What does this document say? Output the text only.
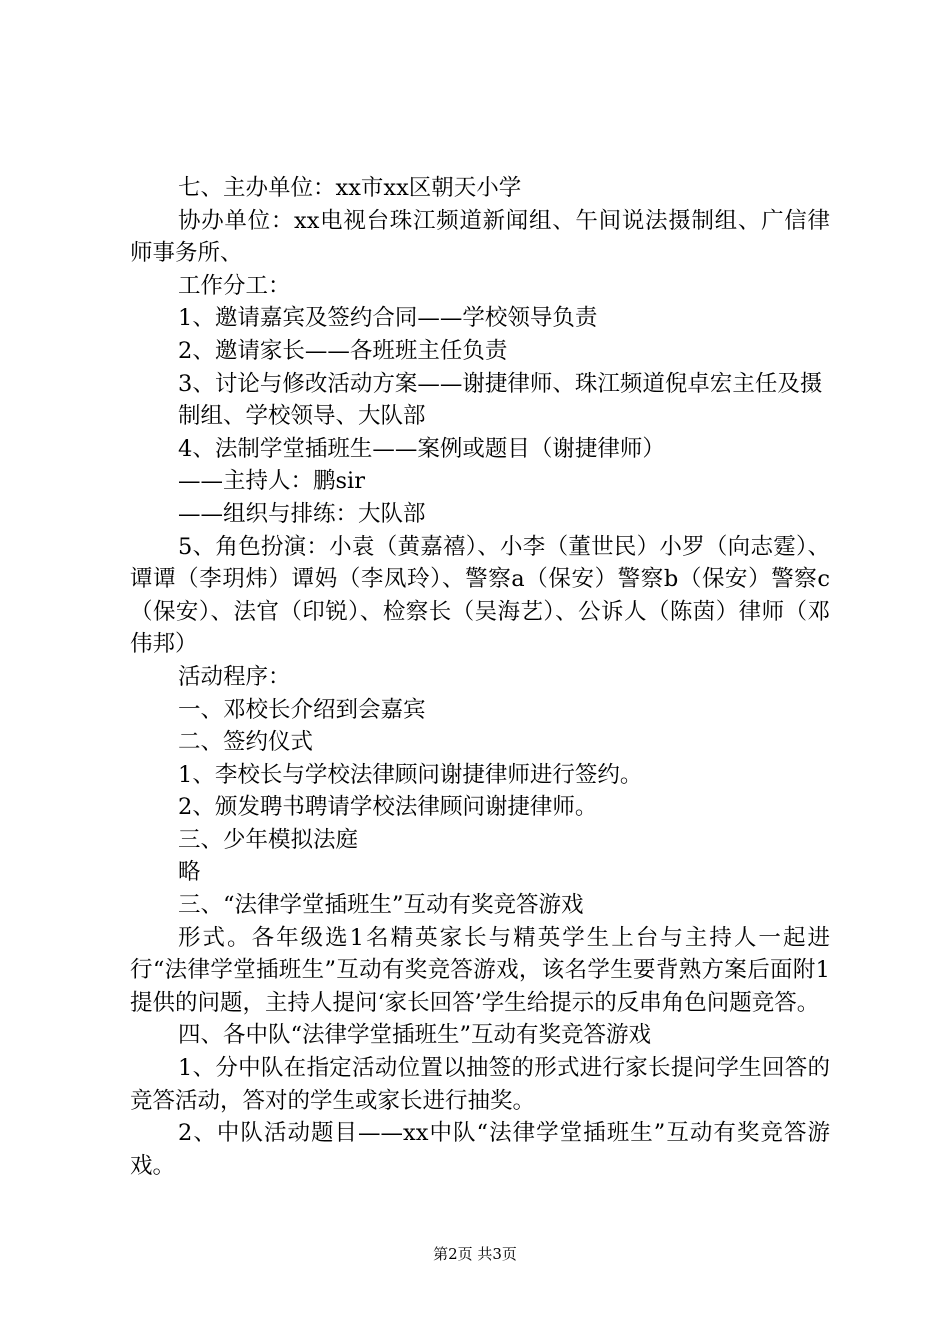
七、主办单位：xx市xx区朝天小学

协办单位：xx电视台珠江频道新闻组、午间说法摄制组、广信律师事务所、

工作分工：

1、邀请嘉宾及签约合同——学校领导负责

2、邀请家长——各班班主任负责

3、讨论与修改活动方案——谢捷律师、珠江频道倪卓宏主任及摄

制组、学校领导、大队部

4、法制学堂插班生——案例或题目（谢捷律师）

——主持人：鹏sir

——组织与排练：大队部

5、角色扮演：小袁（黄嘉禧）、小李（董世民）小罗（向志霆）、谭谭（李玥炜）谭妈（李凤玲）、警察a（保安）警察b（保安）警察c（保安）、法官（印锐）、检察长（吴海艺）、公诉人（陈茵）律师（邓伟邦）

活动程序：

一、邓校长介绍到会嘉宾

二、签约仪式

1、李校长与学校法律顾问谢捷律师进行签约。

2、颁发聘书聘请学校法律顾问谢捷律师。

三、少年模拟法庭

略

三、“法律学堂插班生”互动有奖竞答游戏

形式。各年级选1名精英家长与精英学生上台与主持人一起进行“法律学堂插班生”互动有奖竞答游戏，该名学生要背熟方案后面附1提供的问题，主持人提问‘家长回答’学生给提示的反串角色问题竞答。

四、各中队“法律学堂插班生”互动有奖竞答游戏

1、分中队在指定活动位置以抽签的形式进行家长提问学生回答的竞答活动，答对的学生或家长进行抽奖。

2、中队活动题目——xx中队“法律学堂插班生”互动有奖竞答游戏。

第2页 共3页
